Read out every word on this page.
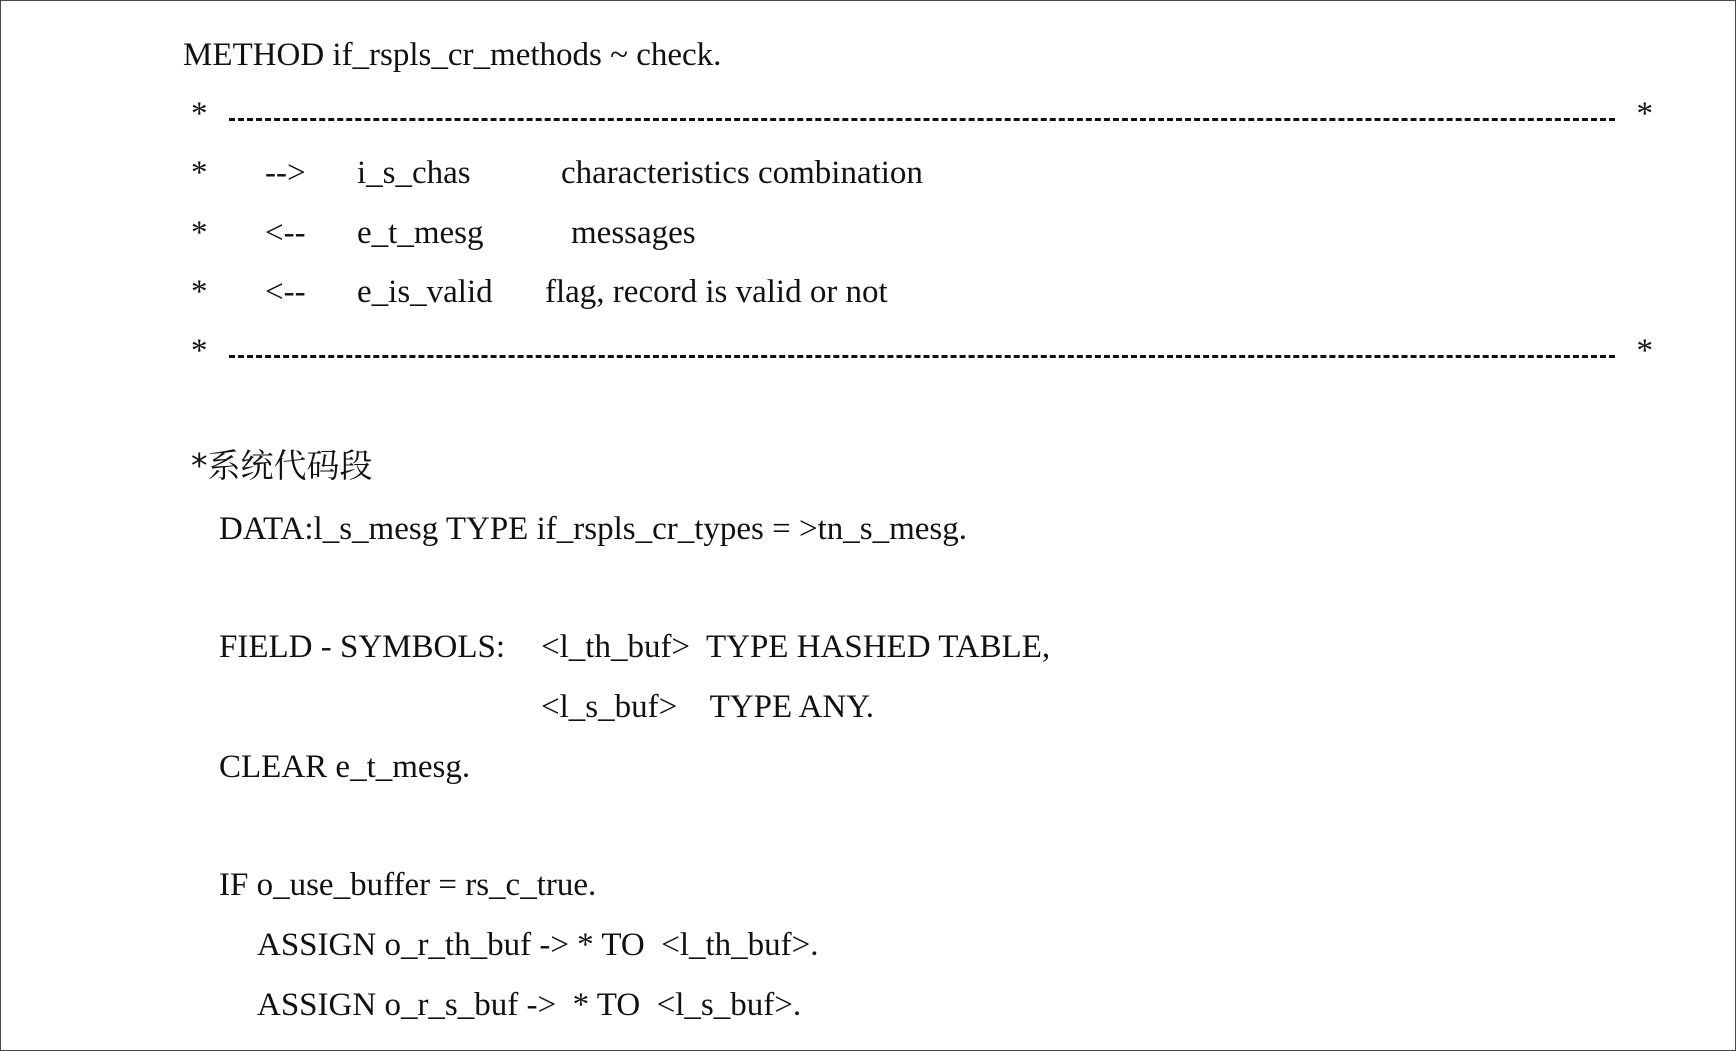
METHOD if_rspls_cr_methods ~ check.

*

	*

* --> i_s_chas	characteristics combination
* <-- e_t_mesg	messages
* <-- e_is_valid flag, record is valid or not

*

	*

*系统代码段
DATA:l_s_mesg TYPE if_rspls_cr_types = >tn_s_mesg.
FIELD - SYMBOLS: <l_th_buf>  TYPE HASHED TABLE,
<l_s_buf>    TYPE ANY.
CLEAR e_t_mesg.
IF o_use_buffer = rs_c_true.
ASSIGN o_r_th_buf -> * TO  <l_th_buf>.
ASSIGN o_r_s_buf ->  * TO  <l_s_buf>.
